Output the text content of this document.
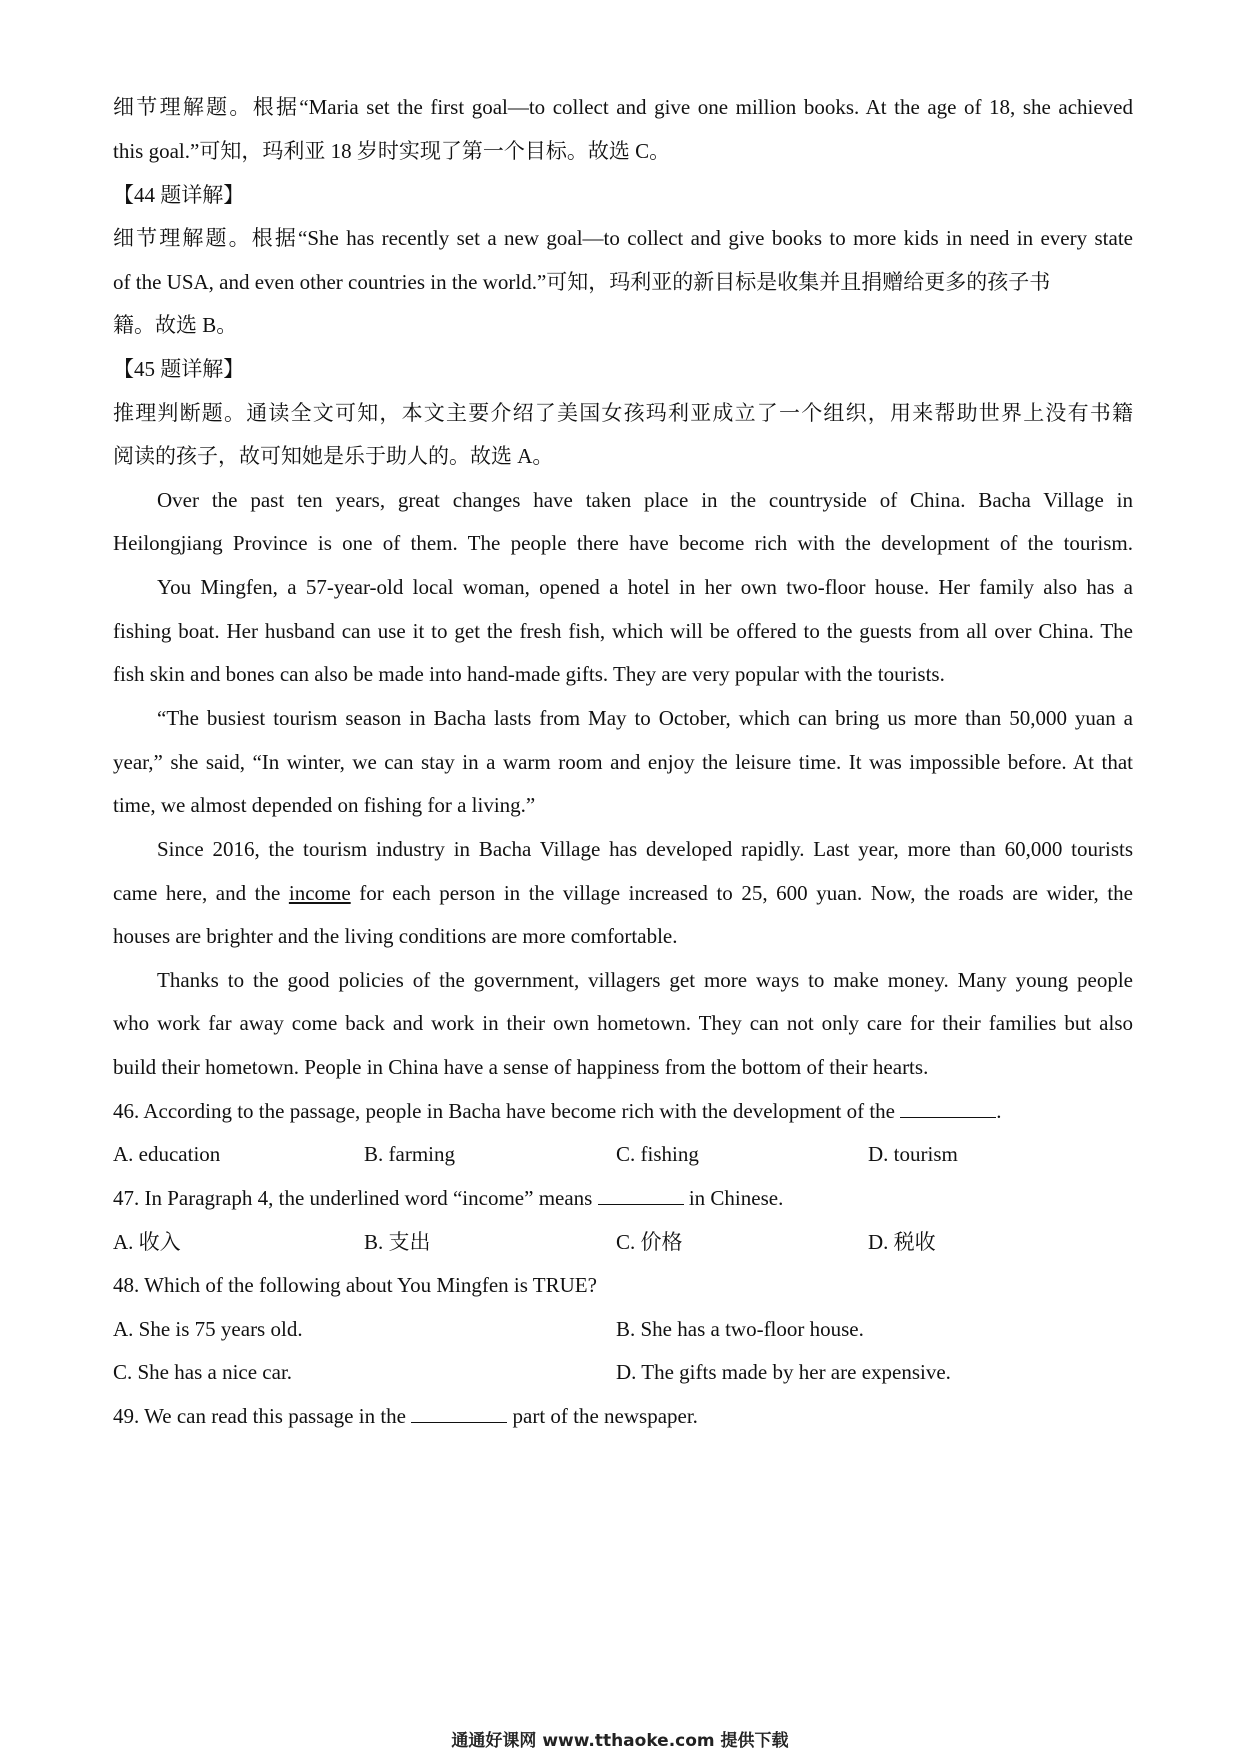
细节理解题。根据“Maria set the first goal—to collect and give one million books. At the age of 18, she achieved
this goal.”可知，玛利亚 18 岁时实现了第一个目标。故选 C。
【44 题详解】
细节理解题。根据“She has recently set a new goal—to collect and give books to more kids in need in every state
of the USA, and even other countries in the world.”可知，玛利亚的新目标是收集并且捐赠给更多的孩子书
籍。故选 B。
【45 题详解】
推理判断题。通读全文可知，本文主要介绍了美国女孩玛利亚成立了一个组织，用来帮助世界上没有书籍
阅读的孩子，故可知她是乐于助人的。故选 A。
Over the past ten years, great changes have taken place in the countryside of China. Bacha Village in
Heilongjiang Province is one of them. The people there have become rich with the development of the tourism.
You Mingfen, a 57-year-old local woman, opened a hotel in her own two-floor house. Her family also has a
fishing boat. Her husband can use it to get the fresh fish, which will be offered to the guests from all over China. The
fish skin and bones can also be made into hand-made gifts. They are very popular with the tourists.
“The busiest tourism season in Bacha lasts from May to October, which can bring us more than 50,000 yuan a
year,” she said, “In winter, we can stay in a warm room and enjoy the leisure time. It was impossible before. At that
time, we almost depended on fishing for a living.”
Since 2016, the tourism industry in Bacha Village has developed rapidly. Last year, more than 60,000 tourists
came here, and the income for each person in the village increased to 25, 600 yuan. Now, the roads are wider, the
houses are brighter and the living conditions are more comfortable.
Thanks to the good policies of the government, villagers get more ways to make money. Many young people
who work far away come back and work in their own hometown. They can not only care for their families but also
build their hometown. People in China have a sense of happiness from the bottom of their hearts.
46. According to the passage, people in Bacha have become rich with the development of the	.
A. education	B. farming	C. fishing	D. tourism
47. In Paragraph 4, the underlined word “income” means	in Chinese.
A. 收入	B. 支出	C. 价格	D. 税收
48. Which of the following about You Mingfen is TRUE?
A. She is 75 years old.	B. She has a two-floor house.
C. She has a nice car.	D. The gifts made by her are expensive.
49. We can read this passage in the	part of the newspaper.
通通好课网 www.tthaoke.com 提供下载
